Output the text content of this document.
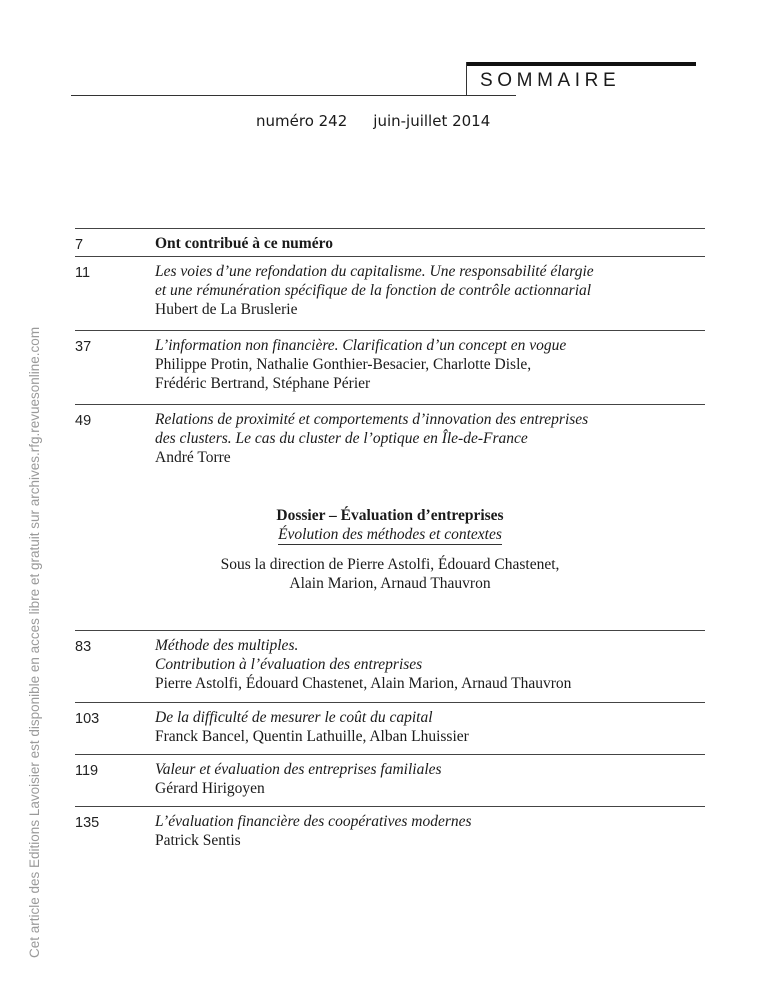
Cet article des Editions Lavoisier est disponible en acces libre et gratuit sur archives.rfg.revuesonline.com
SOMMAIRE
numéro 242 juin-juillet 2014
7	Ont contribué à ce numéro
11	Les voies d’une refondation du capitalisme. Une responsabilité élargie
et une rémunération spécifique de la fonction de contrôle actionnarial
Hubert de La Bruslerie
37	L’information non financière. Clarification d’un concept en vogue
Philippe Protin, Nathalie Gonthier-Besacier, Charlotte Disle,
Frédéric Bertrand, Stéphane Périer
49	Relations de proximité et comportements d’innovation des entreprises
des clusters. Le cas du cluster de l’optique en Île-de-France
André Torre
Dossier – Évaluation d’entreprises
Évolution des méthodes et contextes
Sous la direction de Pierre Astolfi, Édouard Chastenet,
Alain Marion, Arnaud Thauvron
83	Méthode des multiples.
Contribution à l’évaluation des entreprises
Pierre Astolfi, Édouard Chastenet, Alain Marion, Arnaud Thauvron
103	De la difficulté de mesurer le coût du capital
Franck Bancel, Quentin Lathuille, Alban Lhuissier
119	Valeur et évaluation des entreprises familiales
Gérard Hirigoyen
135	L’évaluation financière des coopératives modernes
Patrick Sentis
